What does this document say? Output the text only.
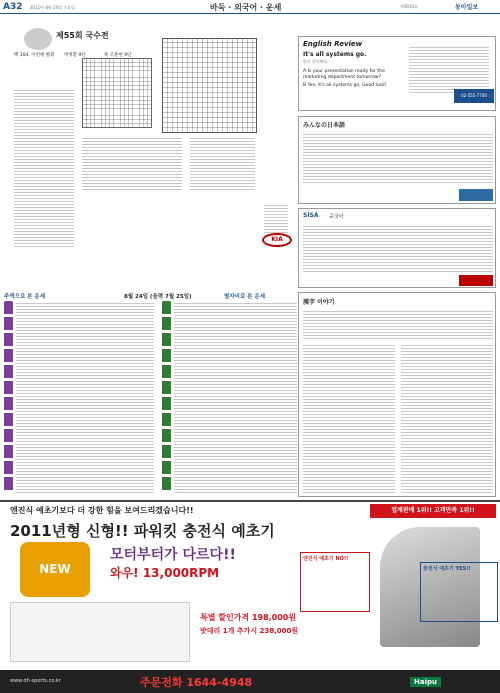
A32 2011년 8월 24일 수요일	바둑 · 외국어 · 운세	제3910호	동아일보
제55회 국수전
백 104, 이번에 발휘 박정환 9단	흑 조훈현 9단
KIA
English Review
It's all systems go.
만사 준비완료
A Is your presentation ready for the marketing department tomorrow?
B Yes, it's all systems go. Good luck!
02-555-7700
みんなの日本語
SISA 중국어
주역으로 본 운세	8월 24일 (음력 7월 25일)	별자리로 본 운세
漢字 이야기
엔진식 예초기보다 더 강한 힘을 보여드리겠습니다!!	업계판매 1위!! 고객만족 1위!!
2011년형 신형!! 파워킷 충전식 예초기
NEW
모터부터가 다르다!!
와우! 13,000RPM
특별 할인가격 198,000원
밧데리 1개 추가시 238,000원
엔진식 예초기 NO!!
충전식 예초기 YES!!
주문전화 1644-4948
www.dh-sports.co.kr	Haipu
